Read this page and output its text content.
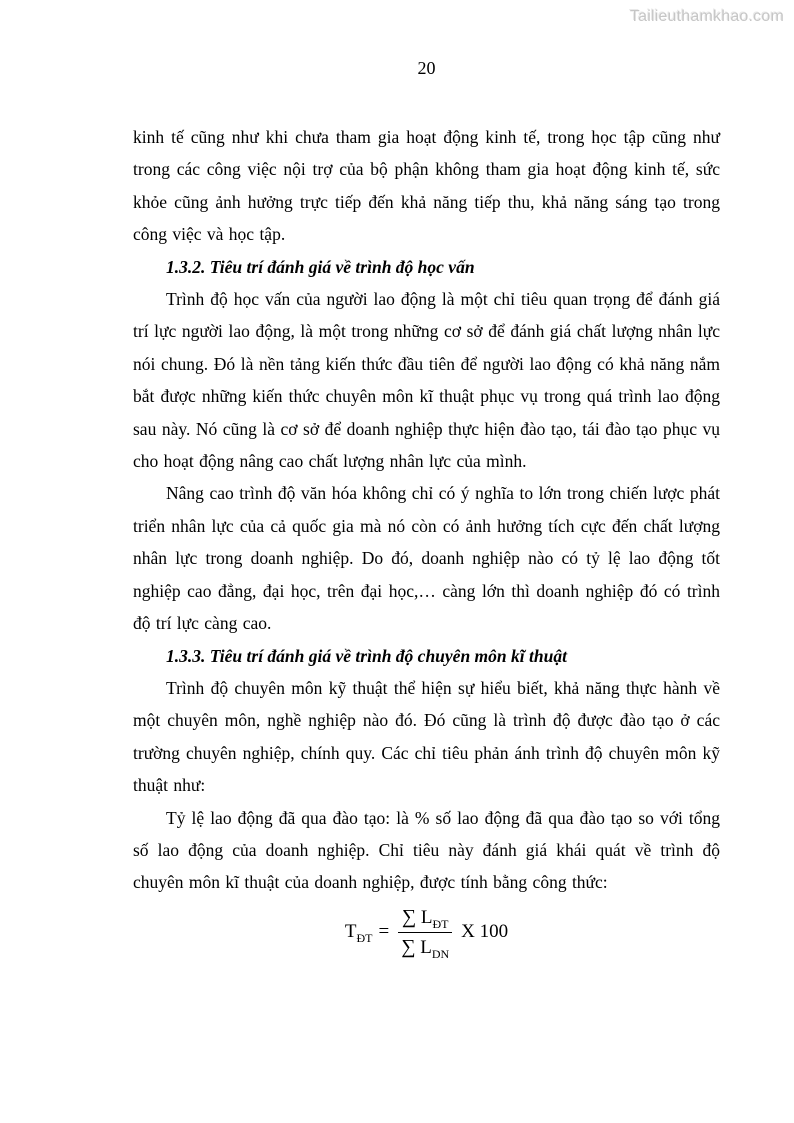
Tailieuthamkhao.com
20

kinh tế cũng như khi chưa tham gia hoạt động kinh tế, trong học tập cũng như trong các công việc nội trợ của bộ phận không tham gia hoạt động kinh tế, sức khỏe cũng ảnh hưởng trực tiếp đến khả năng tiếp thu, khả năng sáng tạo trong công việc và học tập.

1.3.2. Tiêu trí đánh giá về trình độ học vấn

Trình độ học vấn của người lao động là một chỉ tiêu quan trọng để đánh giá trí lực người lao động, là một trong những cơ sở để đánh giá chất lượng nhân lực nói chung. Đó là nền tảng kiến thức đầu tiên để người lao động có khả năng nắm bắt được những kiến thức chuyên môn kĩ thuật phục vụ trong quá trình lao động sau này. Nó cũng là cơ sở để doanh nghiệp thực hiện đào tạo, tái đào tạo phục vụ cho hoạt động nâng cao chất lượng nhân lực của mình.

Nâng cao trình độ văn hóa không chỉ có ý nghĩa to lớn trong chiến lược phát triển nhân lực của cả quốc gia mà nó còn có ảnh hưởng tích cực đến chất lượng nhân lực trong doanh nghiệp. Do đó, doanh nghiệp nào có tỷ lệ lao động tốt nghiệp cao đẳng, đại học, trên đại học,… càng lớn thì doanh nghiệp đó có trình độ trí lực càng cao.

1.3.3. Tiêu trí đánh giá về trình độ chuyên môn kĩ thuật

Trình độ chuyên môn kỹ thuật thể hiện sự hiểu biết, khả năng thực hành về một chuyên môn, nghề nghiệp nào đó. Đó cũng là trình độ được đào tạo ở các trường chuyên nghiệp, chính quy. Các chỉ tiêu phản ánh trình độ chuyên môn kỹ thuật như:

Tỷ lệ lao động đã qua đào tạo: là % số lao động đã qua đào tạo so với tổng số lao động của doanh nghiệp. Chỉ tiêu này đánh giá khái quát về trình độ chuyên môn kĩ thuật của doanh nghiệp, được tính bằng công thức:

$T_{ĐT} = \frac{\sum L_{ĐT}}{\sum L_{DN}}$ X 100
